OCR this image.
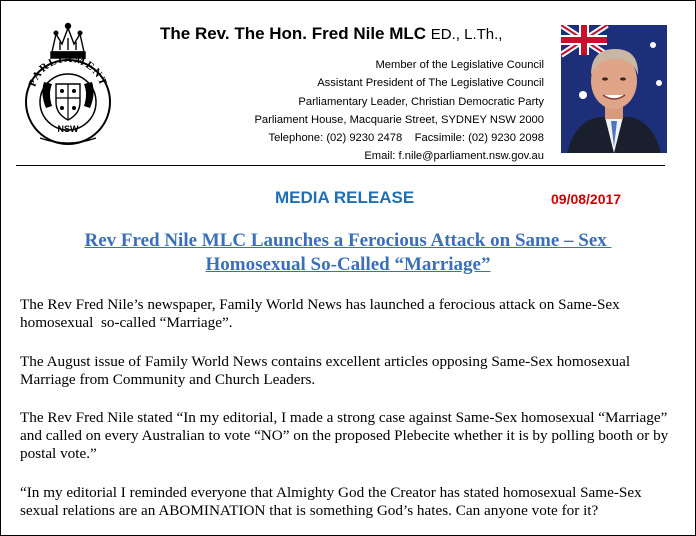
PARLIAMENT
NSW
The Rev. The Hon. Fred Nile MLC ED., L.Th.,
Member of the Legislative Council
Assistant President of The Legislative Council
Parliamentary Leader, Christian Democratic Party
Parliament House, Macquarie Street, SYDNEY NSW 2000
Telephone: (02) 9230 2478    Facsimile: (02) 9230 2098
Email: f.nile@parliament.nsw.gov.au
MEDIA RELEASE	09/08/2017
Rev Fred Nile MLC Launches a Ferocious Attack on Same – Sex
Homosexual So-Called “Marriage”
The Rev Fred Nile’s newspaper, Family World News has launched a ferocious attack on Same-Sex homosexual  so-called “Marriage”.
The August issue of Family World News contains excellent articles opposing Same-Sex homosexual Marriage from Community and Church Leaders.
The Rev Fred Nile stated “In my editorial, I made a strong case against Same-Sex homosexual “Marriage” and called on every Australian to vote “NO” on the proposed Plebecite whether it is by polling booth or by postal vote.”
“In my editorial I reminded everyone that Almighty God the Creator has stated homosexual Same-Sex sexual relations are an ABOMINATION that is something God’s hates. Can anyone vote for it?
